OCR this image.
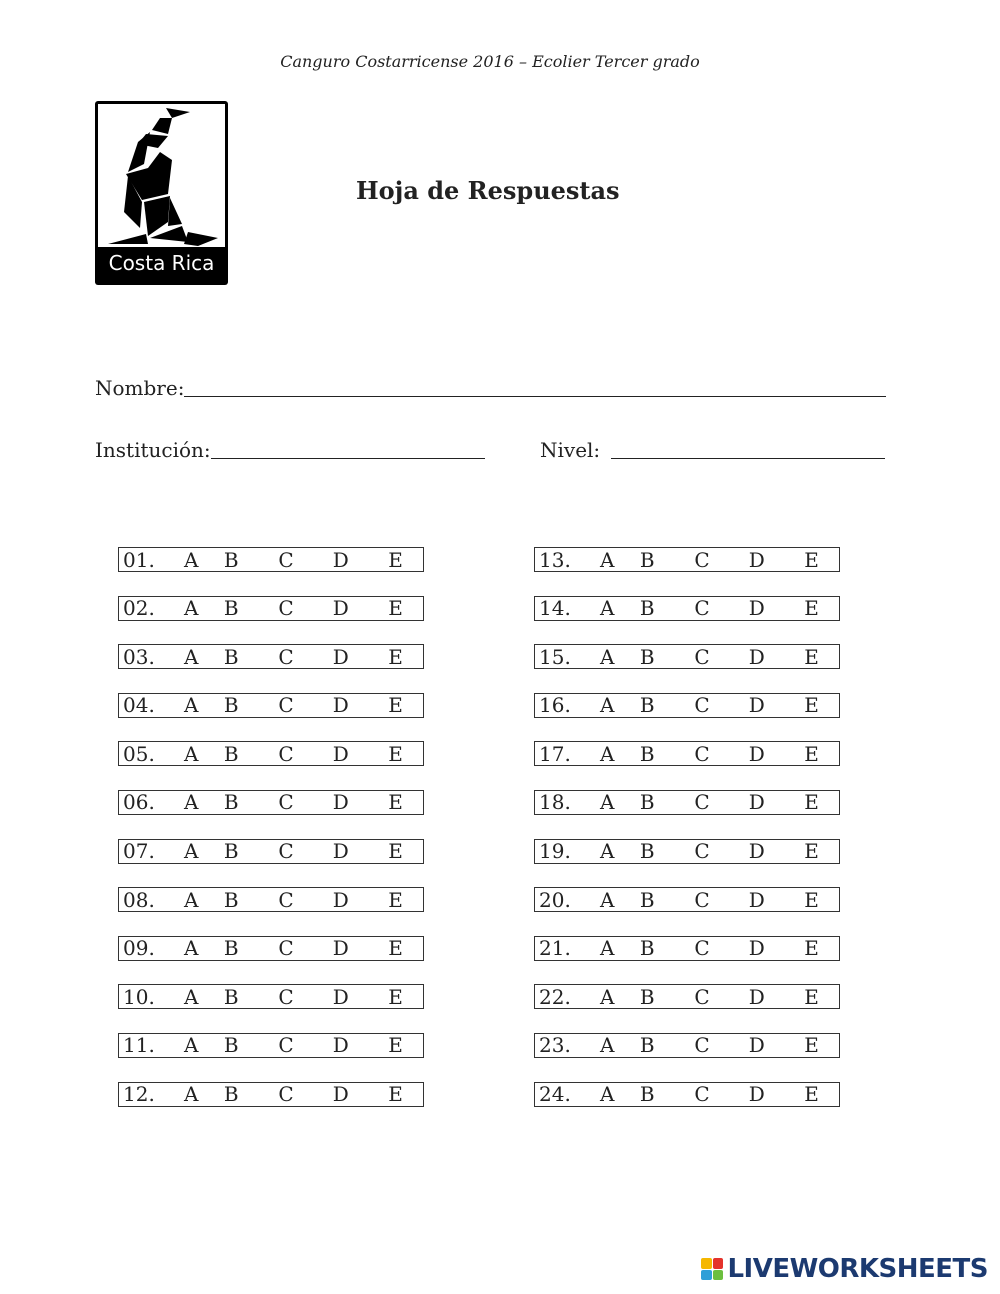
Canguro Costarricense 2016 – Ecolier Tercer grado
Costa Rica
Hoja de Respuestas
Nombre:
Institución:	Nivel:
01.	A	B	C	D	E
02.	A	B	C	D	E
03.	A	B	C	D	E
04.	A	B	C	D	E
05.	A	B	C	D	E
06.	A	B	C	D	E
07.	A	B	C	D	E
08.	A	B	C	D	E
09.	A	B	C	D	E
10.	A	B	C	D	E
11.	A	B	C	D	E
12.	A	B	C	D	E
13.	A	B	C	D	E
14.	A	B	C	D	E
15.	A	B	C	D	E
16.	A	B	C	D	E
17.	A	B	C	D	E
18.	A	B	C	D	E
19.	A	B	C	D	E
20.	A	B	C	D	E
21.	A	B	C	D	E
22.	A	B	C	D	E
23.	A	B	C	D	E
24.	A	B	C	D	E
LIVEWORKSHEETS
